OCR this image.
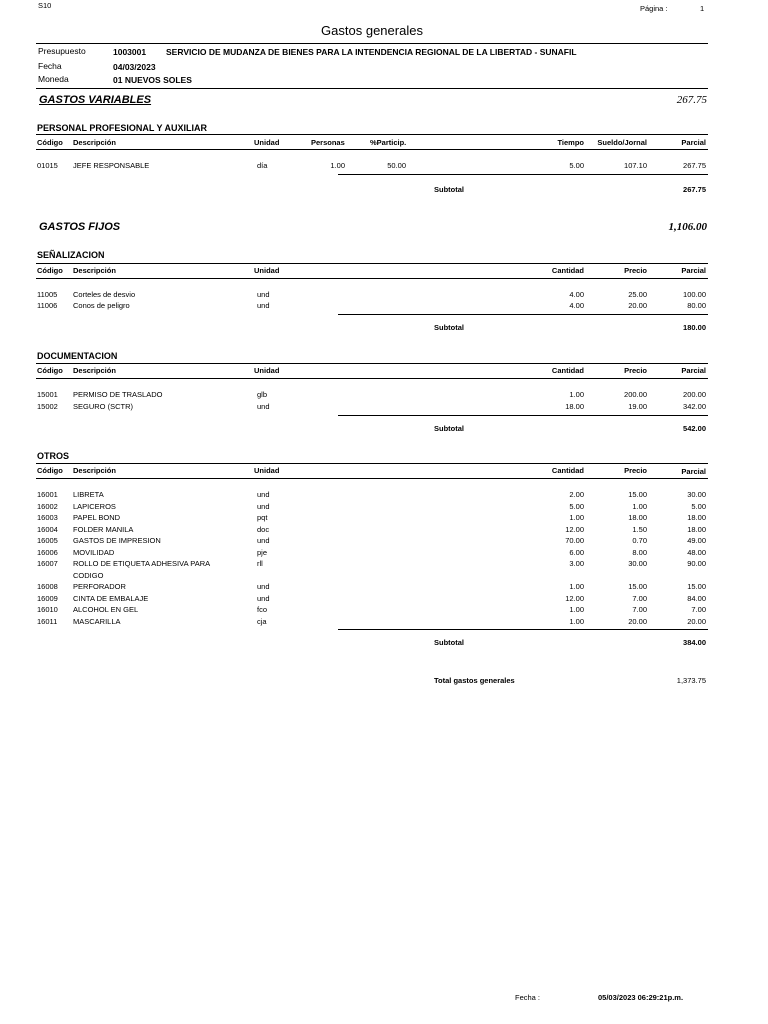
S10	Página :	1
Gastos generales
Presupuesto	1003001 SERVICIO DE MUDANZA DE BIENES PARA LA INTENDENCIA REGIONAL DE LA LIBERTAD - SUNAFIL
Fecha	04/03/2023
Moneda	01 NUEVOS SOLES
GASTOS VARIABLES	267.75
PERSONAL PROFESIONAL Y AUXILIAR
Código Descripción	Unidad	Personas	%Particip.	Tiempo	Sueldo/Jornal	Parcial
01015 JEFE RESPONSABLE	día	1.00	50.00	5.00	107.10	267.75
Subtotal	267.75
GASTOS FIJOS	1,106.00
SEÑALIZACION
Código Descripción	Unidad	Cantidad	Precio	Parcial
11005 Corteles de desvio	und	4.00	25.00	100.00
11006 Conos de peligro	und	4.00	20.00	80.00
Subtotal	180.00
DOCUMENTACION
Código Descripción	Unidad	Cantidad	Precio	Parcial
15001 PERMISO DE TRASLADO	glb	1.00	200.00	200.00
15002 SEGURO (SCTR)	und	18.00	19.00	342.00
Subtotal	542.00
OTROS
Código Descripción	Unidad	Cantidad	Precio	Parcial
16001 LIBRETA	und	2.00	15.00	30.00
16002 LAPICEROS	und	5.00	1.00	5.00
16003 PAPEL BOND	pqt	1.00	18.00	18.00
16004 FOLDER MANILA	doc	12.00	1.50	18.00
16005 GASTOS DE IMPRESION	und	70.00	0.70	49.00
16006 MOVILIDAD	pje	6.00	8.00	48.00
16007 ROLLO DE ETIQUETA ADHESIVA PARA	rll	3.00	30.00	90.00
CODIGO
16008 PERFORADOR	und	1.00	15.00	15.00
16009 CINTA DE EMBALAJE	und	12.00	7.00	84.00
16010 ALCOHOL EN GEL	fco	1.00	7.00	7.00
16011 MASCARILLA	cja	1.00	20.00	20.00
Subtotal	384.00
Total gastos generales	1,373.75
Fecha :	05/03/2023 06:29:21p.m.
